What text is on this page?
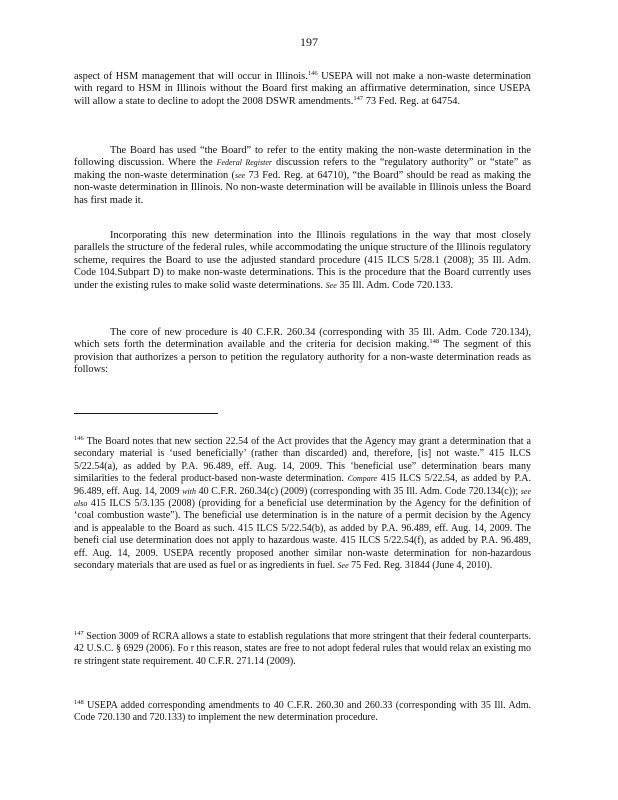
197

aspect of HSM management that will occur in Illinois.$^{146}$ USEPA will not make a non-waste determination with regard to HSM in Illinois without the Board first making an affirmative determination, since USEPA will allow a state to decline to adopt the 2008 DSWR amendments.$^{147}$ 73 Fed. Reg. at 64754.

The Board has used “the Board” to refer to the entity making the non-waste determination in the following discussion. Where the Federal Register discussion refers to the “regulatory authority” or “state” as making the non-waste determination (see 73 Fed. Reg. at 64710), “the Board” should be read as making the non-waste determination in Illinois. No non-waste determination will be available in Illinois unless the Board has first made it.

Incorporating this new determination into the Illinois regulations in the way that most closely parallels the structure of the federal rules, while accommodating the unique structure of the Illinois regulatory scheme, requires the Board to use the adjusted standard procedure (415 ILCS 5/28.1 (2008); 35 Ill. Adm. Code 104.Subpart D) to make non-waste determinations. This is the procedure that the Board currently uses under the existing rules to make solid waste determinations. See 35 Ill. Adm. Code 720.133.

The core of new procedure is 40 C.F.R. 260.34 (corresponding with 35 Ill. Adm. Code 720.134), which sets forth the determination available and the criteria for decision making.$^{148}$ The segment of this provision that authorizes a person to petition the regulatory authority for a non-waste determination reads as follows:

$^{146}$ The Board notes that new section 22.54 of the Act provides that the Agency may grant a determination that a secondary material is ‘used beneficially’ (rather than discarded) and, therefore, [is] not waste.” 415 ILCS 5/22.54(a), as added by P.A. 96.489, eff. Aug. 14, 2009. This ‘beneficial use” determination bears many similarities to the federal product-based non-waste determination. Compare 415 ILCS 5/22.54, as added by P.A. 96.489, eff. Aug. 14, 2009 with 40 C.F.R. 260.34(c) (2009) (corresponding with 35 Ill. Adm. Code 720.134(c)); see also 415 ILCS 5/3.135 (2008) (providing for a beneficial use determination by the Agency for the definition of ‘coal combustion waste”). The beneficial use determination is in the nature of a permit decision by the Agency and is appealable to the Board as such. 415 ILCS 5/22.54(b), as added by P.A. 96.489, eff. Aug. 14, 2009. The benefi cial use determination does not apply to hazardous waste. 415 ILCS 5/22.54(f), as added by P.A. 96.489, eff. Aug. 14, 2009. USEPA recently proposed another similar non-waste determination for non-hazardous secondary materials that are used as fuel or as ingredients in fuel. See 75 Fed. Reg. 31844 (June 4, 2010).

$^{147}$ Section 3009 of RCRA allows a state to establish regulations that more stringent that their federal counterparts. 42 U.S.C. § 6929 (2006). Fo r this reason, states are free to not adopt federal rules that would relax an existing mo re stringent state requirement. 40 C.F.R. 271.14 (2009).

$^{148}$ USEPA added corresponding amendments to 40 C.F.R. 260.30 and 260.33 (corresponding with 35 Ill. Adm. Code 720.130 and 720.133) to implement the new determination procedure.
